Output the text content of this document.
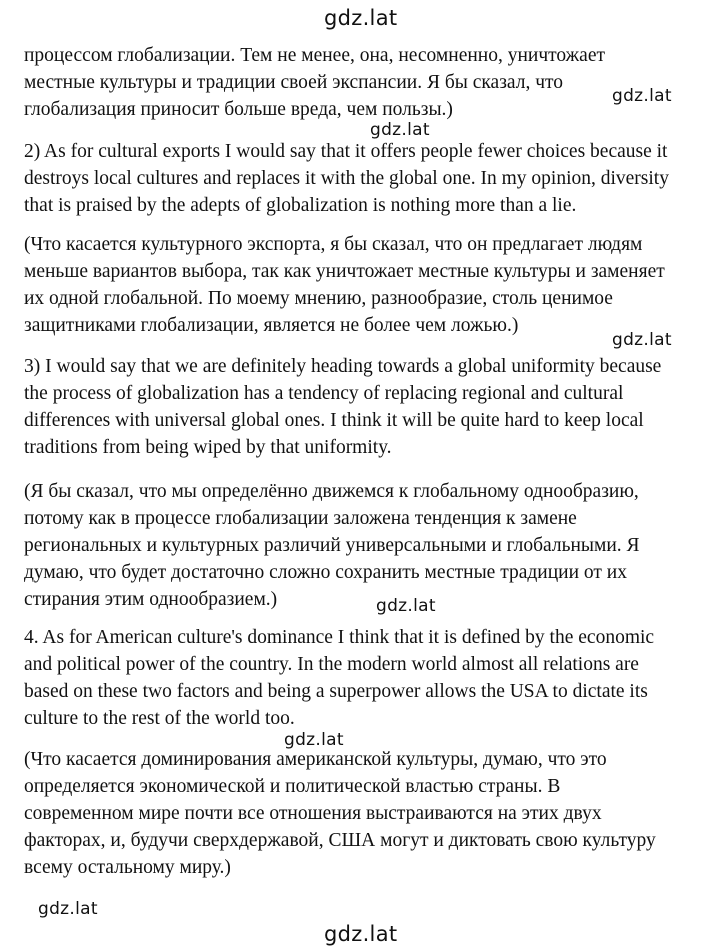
gdz.lat

процессом глобализации. Тем не менее, она, несомненно, уничтожает
местные культуры и традиции своей экспансии. Я бы сказал, что
глобализация приносит больше вреда, чем пользы.)

gdz.lat
gdz.lat

2) As for cultural exports I would say that it offers people fewer choices because it
destroys local cultures and replaces it with the global one. In my opinion, diversity
that is praised by the adepts of globalization is nothing more than a lie.

(Что касается культурного экспорта, я бы сказал, что он предлагает людям
меньше вариантов выбора, так как уничтожает местные культуры и заменяет
их одной глобальной. По моему мнению, разнообразие, столь ценимое
защитниками глобализации, является не более чем ложью.)

gdz.lat

3) I would say that we are definitely heading towards a global uniformity because
the process of globalization has a tendency of replacing regional and cultural
differences with universal global ones. I think it will be quite hard to keep local
traditions from being wiped by that uniformity.

(Я бы сказал, что мы определённо движемся к глобальному однообразию,
потому как в процессе глобализации заложена тенденция к замене
региональных и культурных различий универсальными и глобальными. Я
думаю, что будет достаточно сложно сохранить местные традиции от их
стирания этим однообразием.)	gdz.lat

4. As for American culture's dominance I think that it is defined by the economic
and political power of the country. In the modern world almost all relations are
based on these two factors and being a superpower allows the USA to dictate its
culture to the rest of the world too.

gdz.lat

(Что касается доминирования американской культуры, думаю, что это
определяется экономической и политической властью страны. В
современном мире почти все отношения выстраиваются на этих двух
факторах, и, будучи сверхдержавой, США могут и диктовать свою культуру
всему остальному миру.)

gdz.lat
gdz.lat
